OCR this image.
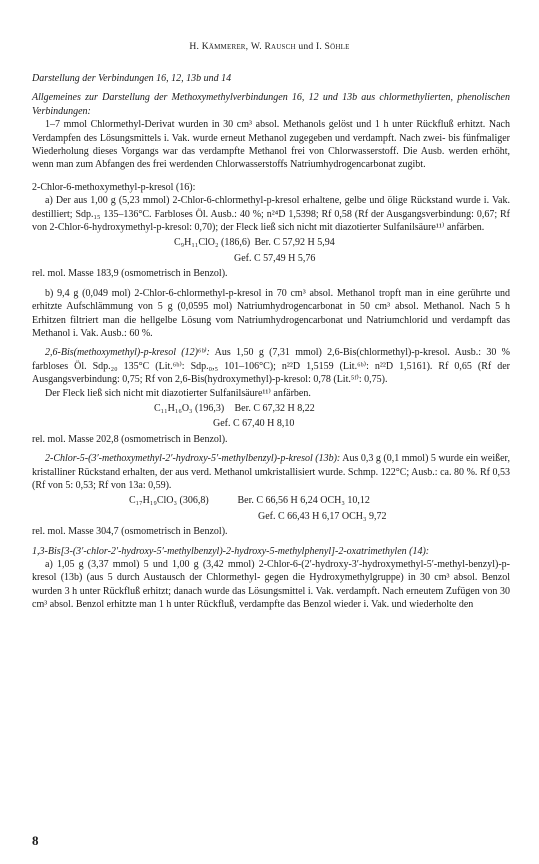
H. Kämmerer, W. Rausch und I. Söhle

Darstellung der Verbindungen 16, 12, 13b und 14

Allgemeines zur Darstellung der Methoxymethylverbindungen 16, 12 und 13b aus chlormethylierten, phenolischen Verbindungen:

1–7 mmol Chlormethyl-Derivat wurden in 30 cm³ absol. Methanols gelöst und 1 h unter Rückfluß erhitzt. Nach Verdampfen des Lösungsmittels i. Vak. wurde erneut Methanol zugegeben und verdampft. Nach zwei- bis fünfmaliger Wiederholung dieses Vorgangs war das verdampfte Methanol frei von Chlorwasserstoff. Die Ausb. werden erhöht, wenn man zum Abfangen des frei werdenden Chlorwasserstoffs Natriumhydrogencarbonat zugibt.

2-Chlor-6-methoxymethyl-p-kresol (16):

a) Der aus 1,00 g (5,23 mmol) 2-Chlor-6-chlormethyl-p-kresol erhaltene, gelbe und ölige Rückstand wurde i. Vak. destilliert; Sdp.₁₅ 135–136°C. Farbloses Öl. Ausb.: 40 %; n²⁴D 1,5398; Rf 0,58 (Rf der Ausgangsverbindung: 0,67; Rf von 2-Chlor-6-hydroxymethyl-p-kresol: 0,70); der Fleck ließ sich nicht mit diazotierter Sulfanilsäure¹¹⁾ anfärben.

C₉H₁₁ClO₂ (186,6) Ber. C 57,92 H 5,94
Gef. C 57,49 H 5,76

rel. mol. Masse 183,9 (osmometrisch in Benzol).

b) 9,4 g (0,049 mol) 2-Chlor-6-chlormethyl-p-kresol in 70 cm³ absol. Methanol tropft man in eine gerührte und erhitzte Aufschlämmung von 5 g (0,0595 mol) Natriumhydrogencarbonat in 50 cm³ absol. Methanol. Nach 5 h Erhitzen filtriert man die hellgelbe Lösung vom Natriumhydrogencarbonat und Natriumchlorid und verdampft das Methanol i. Vak. Ausb.: 60 %.

2,6-Bis(methoxymethyl)-p-kresol (12)⁶ᵇ⁾: Aus 1,50 g (7,31 mmol) 2,6-Bis(chlormethyl)-p-kresol. Ausb.: 30 % farbloses Öl. Sdp.₂₀ 135°C (Lit.⁶ᵇ⁾: Sdp.₀,₅ 101–106°C); n²²D 1,5159 (Lit.⁶ᵇ⁾: n²²D 1,5161). Rf 0,65 (Rf der Ausgangsverbindung: 0,75; Rf von 2,6-Bis(hydroxymethyl)-p-kresol: 0,78 (Lit.⁵ᶠ⁾: 0,75).

Der Fleck ließ sich nicht mit diazotierter Sulfanilsäure¹¹⁾ anfärben.

C₁₁H₁₆O₃ (196,3) Ber. C 67,32 H 8,22
Gef. C 67,40 H 8,10

rel. mol. Masse 202,8 (osmometrisch in Benzol).

2-Chlor-5-(3′-methoxymethyl-2′-hydroxy-5′-methylbenzyl)-p-kresol (13b): Aus 0,3 g (0,1 mmol) 5 wurde ein weißer, kristalliner Rückstand erhalten, der aus verd. Methanol umkristallisiert wurde. Schmp. 122°C; Ausb.: ca. 80 %. Rf 0,53 (Rf von 5: 0,53; Rf von 13a: 0,59).

C₁₇H₁₉ClO₃ (306,8)	Ber. C 66,56 H 6,24 OCH₃ 10,12
Gef. C 66,43 H 6,17 OCH₃ 9,72

rel. mol. Masse 304,7 (osmometrisch in Benzol).

1,3-Bis[3-(3′-chlor-2′-hydroxy-5′-methylbenzyl)-2-hydroxy-5-methylphenyl]-2-oxatrimethylen (14):

a) 1,05 g (3,37 mmol) 5 und 1,00 g (3,42 mmol) 2-Chlor-6-(2′-hydroxy-3′-hydroxymethyl-5′-methyl-benzyl)-p-kresol (13b) (aus 5 durch Austausch der Chlormethyl- gegen die Hydroxymethylgruppe) in 30 cm³ absol. Benzol wurden 3 h unter Rückfluß erhitzt; danach wurde das Lösungsmittel i. Vak. verdampft. Nach erneutem Zufügen von 30 cm³ absol. Benzol erhitzte man 1 h unter Rückfluß, verdampfte das Benzol wieder i. Vak. und wiederholte den

8
